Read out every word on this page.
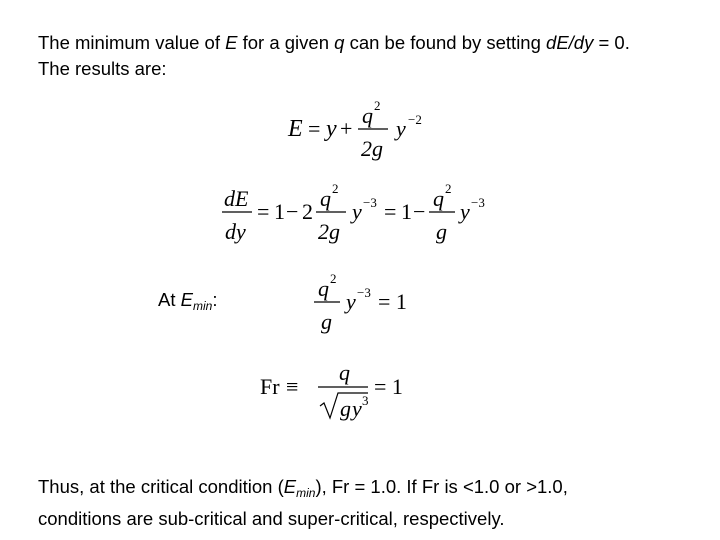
The minimum value of E for a given q can be found by setting dE/dy = 0.
The results are:
E = y +
q 2
2g
y −2
dE
dy
= 1 − 2
q 2
2g
y −3 = 1 −
q 2
g
y −3
At $E_{min}$:	q 2
g
y −3 = 1
Fr ≡
q
g y 3
= 1
Thus, at the critical condition $(E_{min})$, Fr = 1.0. If Fr is <1.0 or >1.0,
conditions are sub-critical and super-critical, respectively.
